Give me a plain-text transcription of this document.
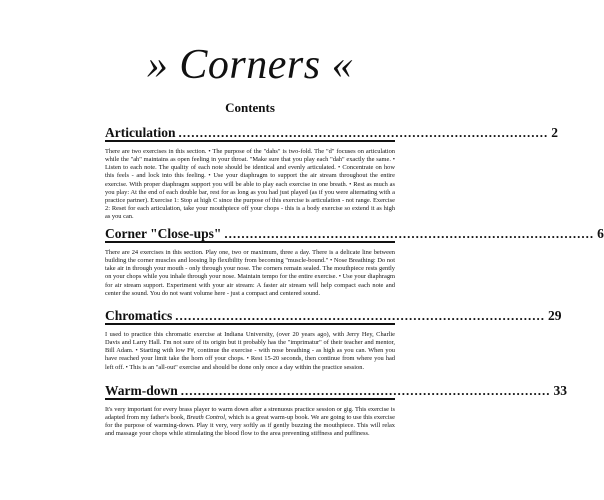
» Corners «
Contents
Articulation ....................................................................................... 2
There are two exercises in this section. • The purpose of the "dahs" is two-fold. The "d" focuses on articulation while the "ah" maintains as open feeling in your throat. "Make sure that you play each "dah" exactly the same. • Listen to each note. The quality of each note should be identical and evenly articulated. • Concentrate on how this feels - and lock into this feeling. • Use your diaphragm to support the air stream throughout the entire exercise. With proper diaphragm support you will be able to play each exercise in one breath. • Rest as much as you play: At the end of each double bar, rest for as long as you had just played (as if you were alternating with a practice partner). Exercise 1: Stop at high C since the purpose of this exercise is articulation - not range. Exercise 2: Reset for each articulation, take your mouthpiece off your chops - this is a body exercise so extend it as high as you can.
Corner "Close-ups" ....................................................................................... 6
There are 24 exercises in this section. Play one, two or maximum, three a day. There is a delicate line between building the corner muscles and loosing lip flexibility from becoming "muscle-bound." • Nose Breathing: Do not take air in through your mouth - only through your nose. The corners remain sealed. The mouthpiece rests gently on your chops while you inhale through your nose. Maintain tempo for the entire exercise. • Use your diaphragm for air stream support. Experiment with your air stream: A faster air stream will help compact each note and center the sound. You do not want volume here - just a compact and centered sound.
Chromatics ....................................................................................... 29
I used to practice this chromatic exercise at Indiana University, (over 20 years ago), with Jerry Hey, Charlie Davis and Larry Hall. I'm not sure of its origin but it probably has the "imprimatur" of their teacher and mentor, Bill Adam. • Starting with low F#, continue the exercise - with nose breathing - as high as you can. When you have reached your limit take the horn off your chops. • Rest 15-20 seconds, then continue from where you had left off. • This is an "all-out" exercise and should be done only once a day within the practice session.
Warm-down ....................................................................................... 33
It's very important for every brass player to warm down after a strenuous practice session or gig. This exercise is adapted from my father's book, Breath Control, which is a great warm-up book. We are going to use this exercise for the purpose of warming-down. Play it very, very softly as if gently buzzing the mouthpiece. This will relax and massage your chops while stimulating the blood flow to the area preventing stiffness and puffiness.
